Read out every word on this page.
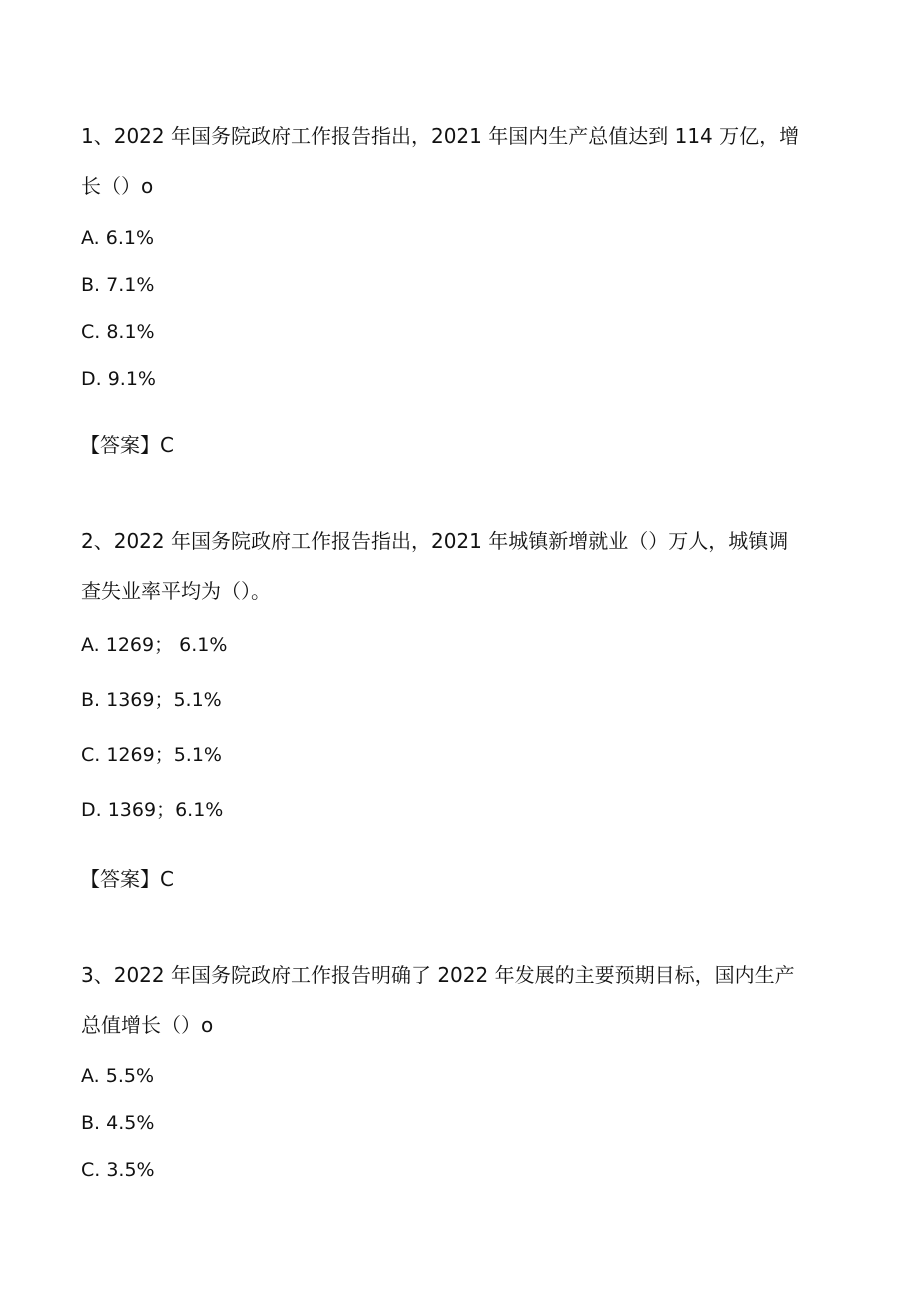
1、2022 年国务院政府工作报告指出，2021 年国内生产总值达到 114 万亿，增

长（）o

A. 6.1%

B. 7.1%

C. 8.1%

D. 9.1%

【答案】C

2、2022 年国务院政府工作报告指出，2021 年城镇新增就业（）万人，城镇调

查失业率平均为（）。

A. 1269； 6.1%

B. 1369；5.1%

C. 1269；5.1%

D. 1369；6.1%

【答案】C

3、2022 年国务院政府工作报告明确了 2022 年发展的主要预期目标，国内生产

总值增长（）o

A. 5.5%

B. 4.5%

C. 3.5%
